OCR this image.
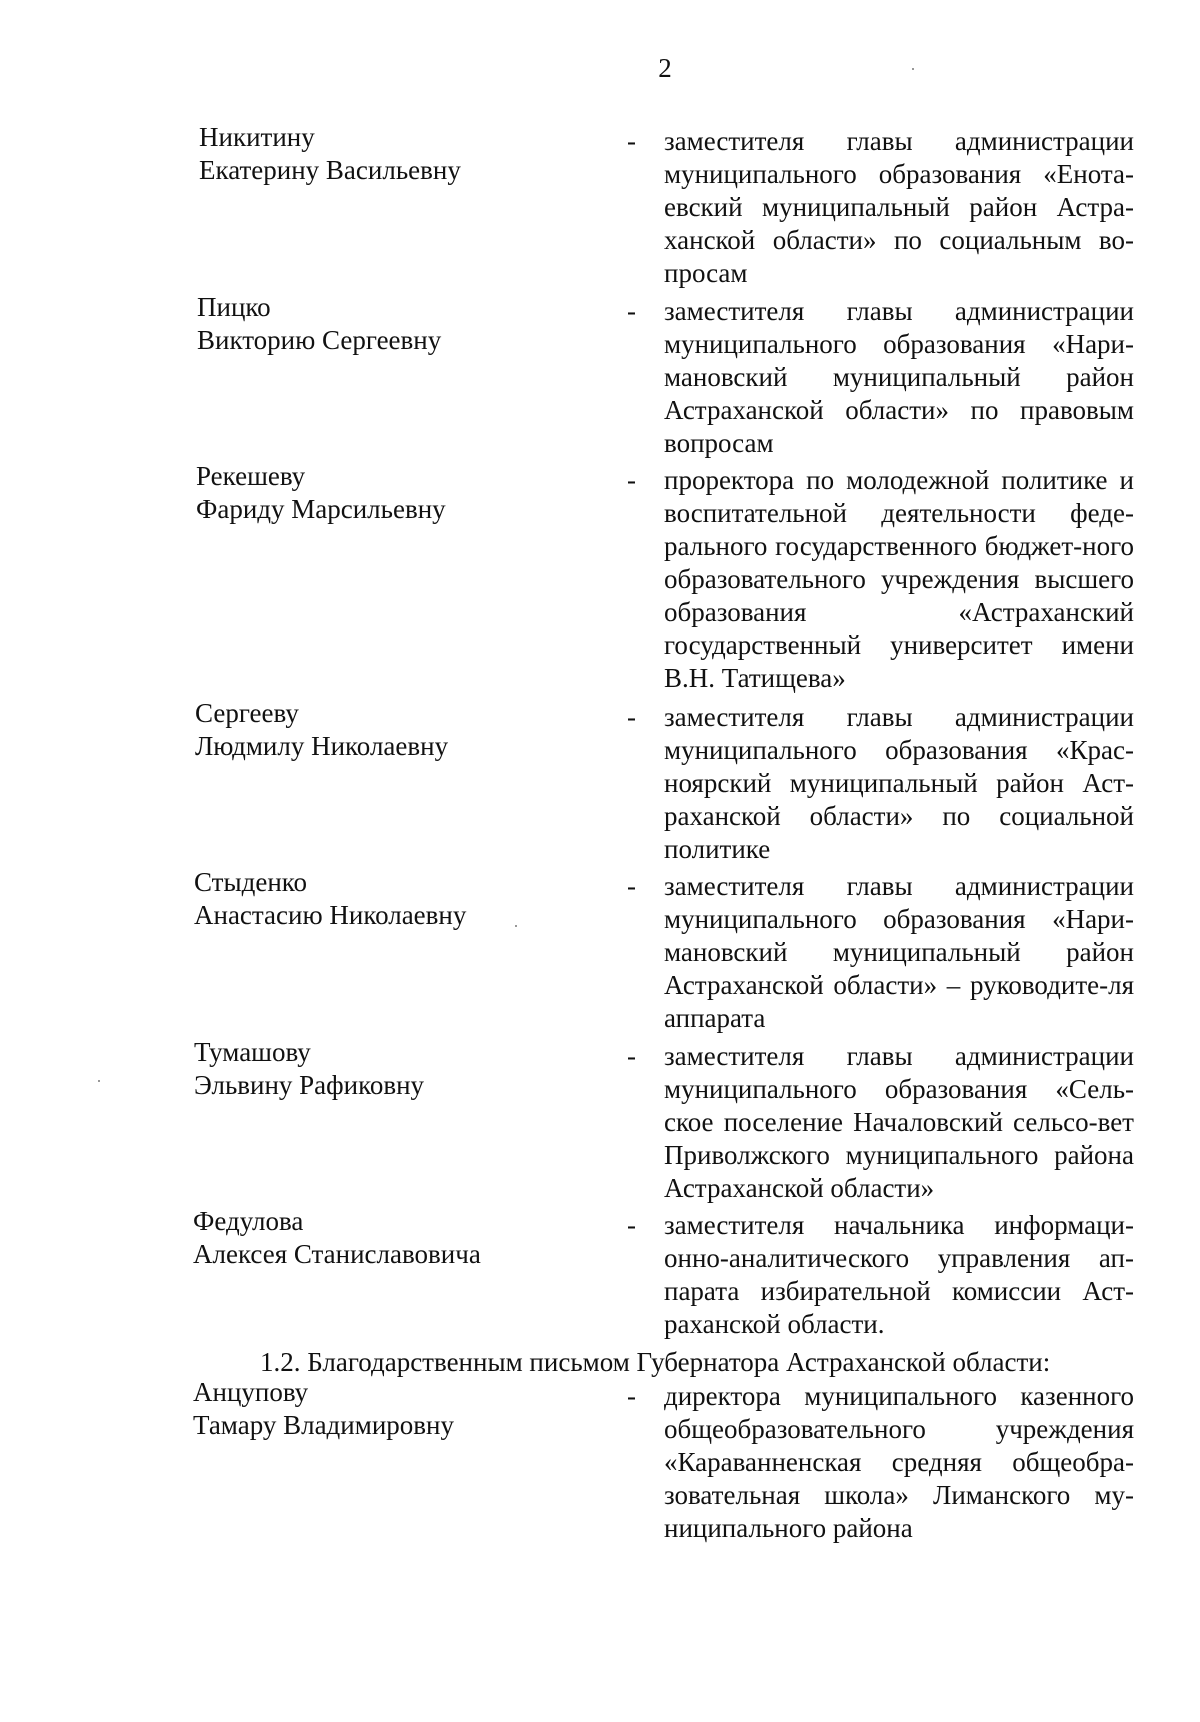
2
Никитину
Екатерину Васильевну
- заместителя главы администрации муниципального образования «Енота-евский муниципальный район Астра-ханской области» по социальным во-просам
Пицко
Викторию Сергеевну
- заместителя главы администрации муниципального образования «Нари-мановский муниципальный район Астраханской области» по правовым вопросам
Рекешеву
Фариду Марсильевну
- проректора по молодежной политике и воспитательной деятельности феде-рального государственного бюджет-ного образовательного учреждения высшего образования «Астраханский государственный университет имени В.Н. Татищева»
Сергееву
Людмилу Николаевну
- заместителя главы администрации муниципального образования «Крас-ноярский муниципальный район Аст-раханской области» по социальной политике
Стыденко
Анастасию Николаевну
- заместителя главы администрации муниципального образования «Нари-мановский муниципальный район Астраханской области» – руководите-ля аппарата
Тумашову
Эльвину Рафиковну
- заместителя главы администрации муниципального образования «Сель-ское поселение Началовский сельсо-вет Приволжского муниципального района Астраханской области»
Федулова
Алексея Станиславовича
- заместителя начальника информаци-онно-аналитического управления ап-парата избирательной комиссии Аст-раханской области.
1.2. Благодарственным письмом Губернатора Астраханской области:
Анцупову
Тамару Владимировну
- директора муниципального казенного общеобразовательного учреждения «Караванненская средняя общеобра-зовательная школа» Лиманского му-ниципального района
